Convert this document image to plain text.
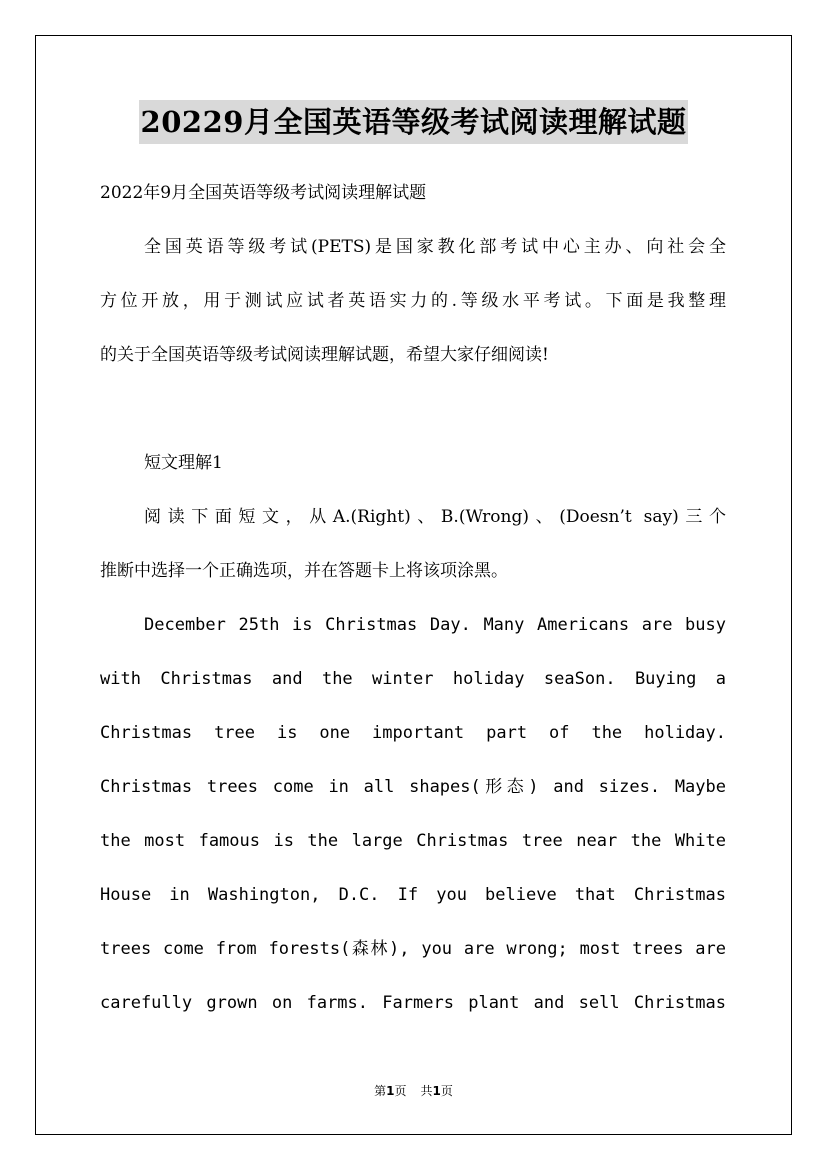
20229月全国英语等级考试阅读理解试题
2022年9月全国英语等级考试阅读理解试题
全国英语等级考试(PETS)是国家教化部考试中心主办、向社会全
方位开放，用于测试应试者英语实力的.等级水平考试。下面是我整理
的关于全国英语等级考试阅读理解试题，希望大家仔细阅读!
短文理解1
阅读下面短文，从A.(Right)、B.(Wrong)、(Doesn’t say)三个
推断中选择一个正确选项，并在答题卡上将该项涂黑。
December 25th is Christmas Day. Many Americans are busy
with Christmas and the winter holiday seaSon. Buying a
Christmas tree is one important part of the holiday.
Christmas trees come in all shapes(形态) and sizes. Maybe
the most famous is the large Christmas tree near the White
House in Washington, D.C. If you believe that Christmas
trees come from forests(森林), you are wrong; most trees are
carefully grown on farms. Farmers plant and sell Christmas
第1页 共1页
